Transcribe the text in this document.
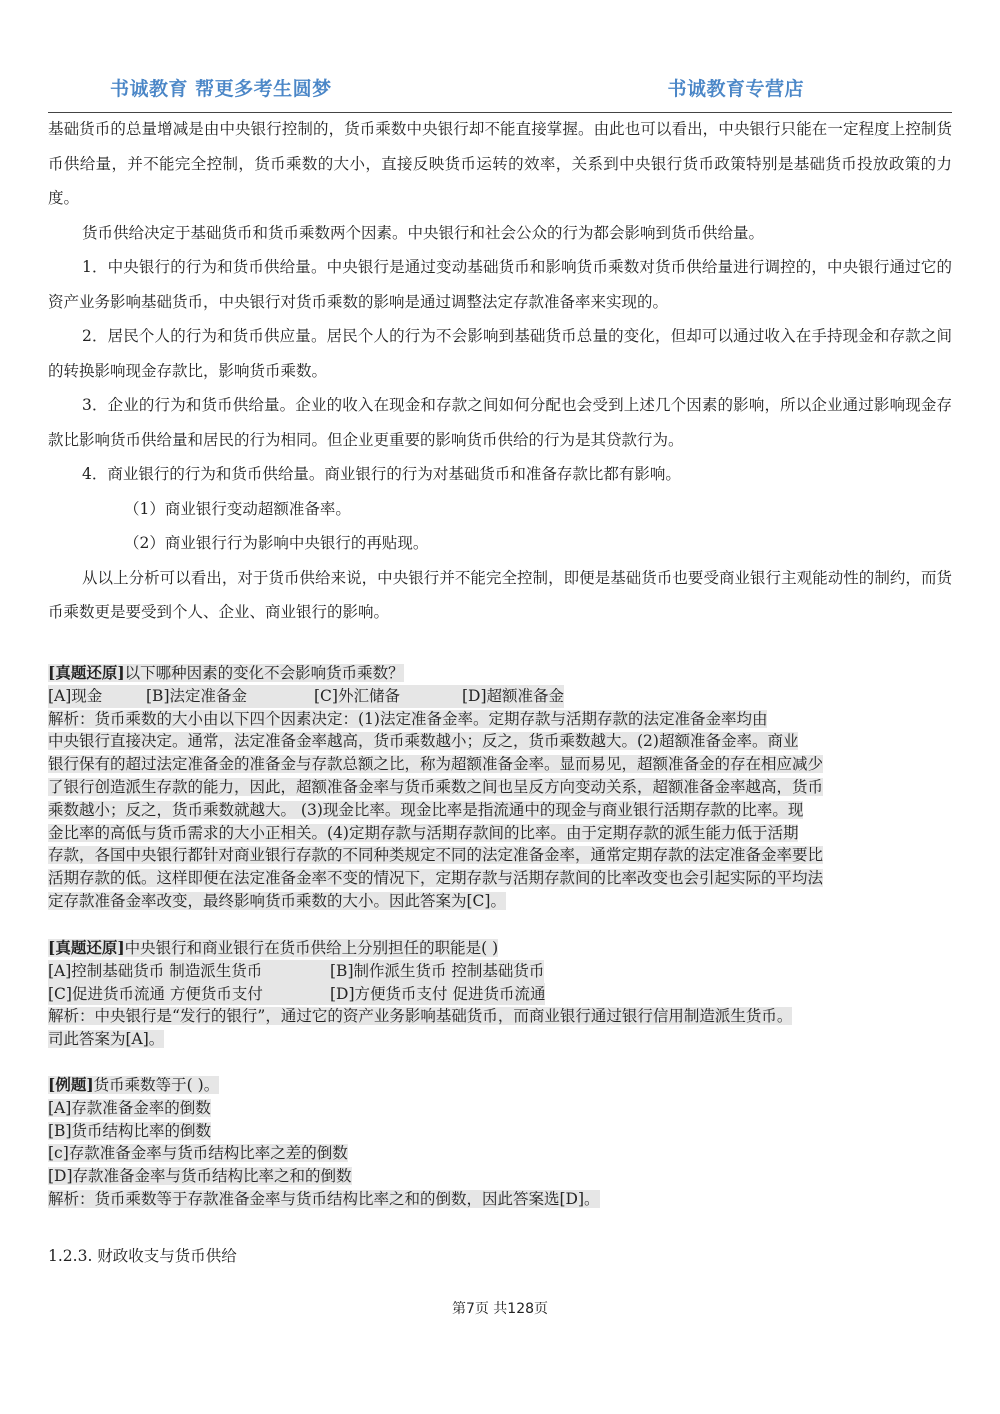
书诚教育 帮更多考生圆梦	书诚教育专营店

基础货币的总量增减是由中央银行控制的，货币乘数中央银行却不能直接掌握。由此也可以看出，中央银行只能在一定程度上控制货币供给量，并不能完全控制，货币乘数的大小，直接反映货币运转的效率，关系到中央银行货币政策特别是基础货币投放政策的力度。

货币供给决定于基础货币和货币乘数两个因素。中央银行和社会公众的行为都会影响到货币供给量。

1．中央银行的行为和货币供给量。中央银行是通过变动基础货币和影响货币乘数对货币供给量进行调控的，中央银行通过它的资产业务影响基础货币，中央银行对货币乘数的影响是通过调整法定存款准备率来实现的。

2．居民个人的行为和货币供应量。居民个人的行为不会影响到基础货币总量的变化，但却可以通过收入在手持现金和存款之间的转换影响现金存款比，影响货币乘数。

3．企业的行为和货币供给量。企业的收入在现金和存款之间如何分配也会受到上述几个因素的影响，所以企业通过影响现金存款比影响货币供给量和居民的行为相同。但企业更重要的影响货币供给的行为是其贷款行为。

4．商业银行的行为和货币供给量。商业银行的行为对基础货币和准备存款比都有影响。

（1）商业银行变动超额准备率。

（2）商业银行行为影响中央银行的再贴现。

从以上分析可以看出，对于货币供给来说，中央银行并不能完全控制，即便是基础货币也要受商业银行主观能动性的制约，而货币乘数更是要受到个人、企业、商业银行的影响。

[真题还原]以下哪种因素的变化不会影响货币乘数？
[A]现金	[B]法定准备金	[C]外汇储备	[D]超额准备金
解析：货币乘数的大小由以下四个因素决定：(1)法定准备金率。定期存款与活期存款的法定准备金率均由
中央银行直接决定。通常，法定准备金率越高，货币乘数越小；反之，货币乘数越大。(2)超额准备金率。商业
银行保有的超过法定准备金的准备金与存款总额之比，称为超额准备金率。显而易见，超额准备金的存在相应减少
了银行创造派生存款的能力，因此，超额准备金率与货币乘数之间也呈反方向变动关系，超额准备金率越高，货币
乘数越小；反之，货币乘数就越大。 (3)现金比率。现金比率是指流通中的现金与商业银行活期存款的比率。现
金比率的高低与货币需求的大小正相关。(4)定期存款与活期存款间的比率。由于定期存款的派生能力低于活期
存款，各国中央银行都针对商业银行存款的不同种类规定不同的法定准备金率，通常定期存款的法定准备金率要比
活期存款的低。这样即便在法定准备金率不变的情况下，定期存款与活期存款间的比率改变也会引起实际的平均法
定存款准备金率改变，最终影响货币乘数的大小。因此答案为[C]。
[真题还原]中央银行和商业银行在货币供给上分别担任的职能是( )
[A]控制基础货币 制造派生货币	[B]制作派生货币 控制基础货币
[C]促进货币流通 方便货币支付	[D]方便货币支付 促进货币流通
解析：中央银行是“发行的银行”，通过它的资产业务影响基础货币，而商业银行通过银行信用制造派生货币。
司此答案为[A]。
[例题]货币乘数等于( )。
[A]存款准备金率的倒数
[B]货币结构比率的倒数
[c]存款准备金率与货币结构比率之差的倒数
[D]存款准备金率与货币结构比率之和的倒数
解析：货币乘数等于存款准备金率与货币结构比率之和的倒数，因此答案选[D]。
1.2.3. 财政收支与货币供给
第7页 共128页
